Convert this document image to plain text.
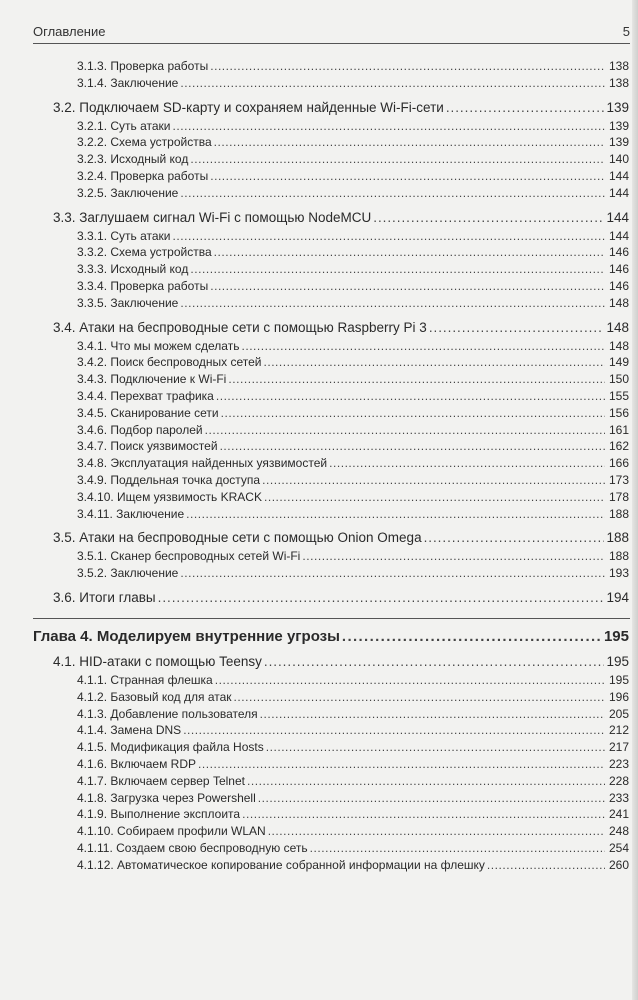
Оглавление	5
3.1.3. Проверка работы . . .	138
3.1.4. Заключение . . .	138
3.2. Подключаем SD-карту и сохраняем найденные Wi-Fi-сети . . .	139
3.2.1. Суть атаки . . .	139
3.2.2. Схема устройства . . .	139
3.2.3. Исходный код . . .	140
3.2.4. Проверка работы . . .	144
3.2.5. Заключение . . .	144
3.3. Заглушаем сигнал Wi-Fi с помощью NodeMCU . . .	144
3.3.1. Суть атаки . . .	144
3.3.2. Схема устройства . . .	146
3.3.3. Исходный код . . .	146
3.3.4. Проверка работы . . .	146
3.3.5. Заключение . . .	148
3.4. Атаки на беспроводные сети с помощью Raspberry Pi 3 . . .	148
3.4.1. Что мы можем сделать . . .	148
3.4.2. Поиск беспроводных сетей . . .	149
3.4.3. Подключение к Wi-Fi . . .	150
3.4.4. Перехват трафика . . .	155
3.4.5. Сканирование сети . . .	156
3.4.6. Подбор паролей . . .	161
3.4.7. Поиск уязвимостей . . .	162
3.4.8. Эксплуатация найденных уязвимостей . . .	166
3.4.9. Поддельная точка доступа . . .	173
3.4.10. Ищем уязвимость KRACK . . .	178
3.4.11. Заключение . . .	188
3.5. Атаки на беспроводные сети с помощью Onion Omega . . .	188
3.5.1. Сканер беспроводных сетей Wi-Fi . . .	188
3.5.2. Заключение . . .	193
3.6. Итоги главы . . .	194
Глава 4. Моделируем внутренние угрозы . . .	195
4.1. HID-атаки с помощью Teensy . . .	195
4.1.1. Странная флешка . . .	195
4.1.2. Базовый код для атак . . .	196
4.1.3. Добавление пользователя . . .	205
4.1.4. Замена DNS . . .	212
4.1.5. Модификация файла Hosts . . .	217
4.1.6. Включаем RDP . . .	223
4.1.7. Включаем сервер Telnet . . .	228
4.1.8. Загрузка через Powershell . . .	233
4.1.9. Выполнение эксплоита . . .	241
4.1.10. Собираем профили WLAN . . .	248
4.1.11. Создаем свою беспроводную сеть . . .	254
4.1.12. Автоматическое копирование собранной информации на флешку . . .	260
